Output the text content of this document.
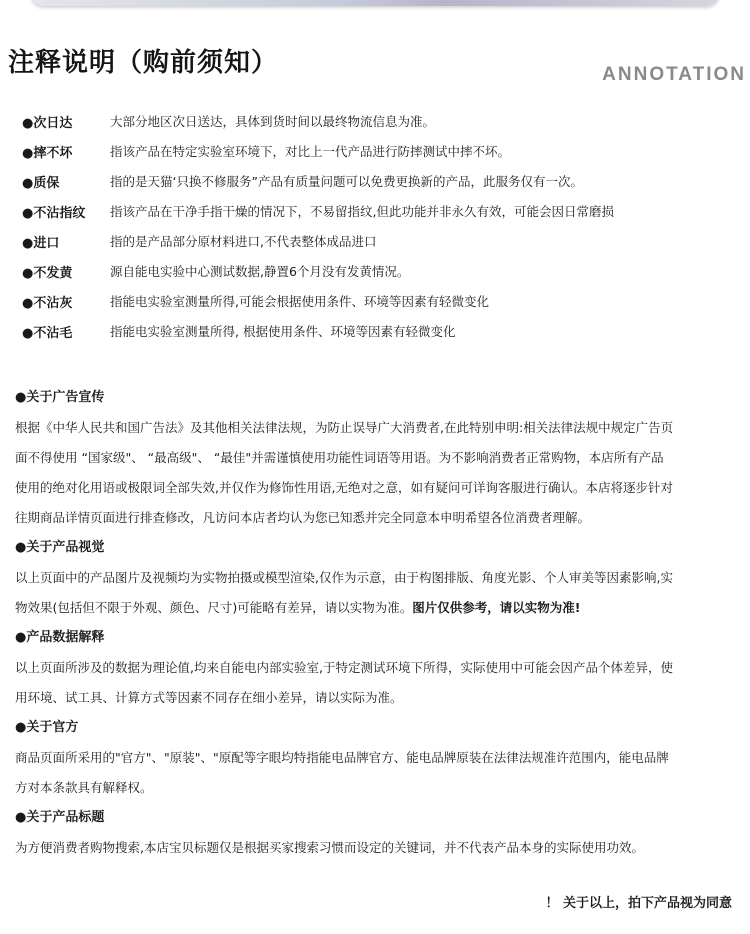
注释说明（购前须知）	ANNOTATION
●次日达	大部分地区次日送达，具体到货时间以最终物流信息为准。
●摔不坏	指该产品在特定实验室环境下，对比上一代产品进行防摔测试中摔不坏。
●质保	指的是天猫‘只换不修服务”产品有质量问题可以免费更换新的产品，此服务仅有一次。
●不沾指纹	指该产品在干净手指干燥的情况下，不易留指纹,但此功能并非永久有效，可能会因日常磨损
●进口	指的是产品部分原材料进口,不代表整体成品进口
●不发黄	源自能电实验中心测试数据,静置6个月没有发黄情况。
●不沾灰	指能电实验室测量所得,可能会根据使用条件、环境等因素有轻微变化
●不沾毛	指能电实验室测量所得, 根据使用条件、环境等因素有轻微变化
●关于广告宣传
根据《中华人民共和国广告法》及其他相关法律法规，为防止误导广大消费者,在此特别申明:相关法律法规中规定广告页
面不得使用 “国家级"、 “最高级"、 “最佳"并需谨慎使用功能性词语等用语。为不影响消费者正常购物，本店所有产品
使用的绝对化用语或极限词全部失效,并仅作为修饰性用语,无绝对之意，如有疑问可详询客服进行确认。本店将逐步针对
往期商品详情页面进行排查修改，凡访问本店者均认为您已知悉并完全同意本申明希望各位消费者理解。
●关于产品视觉
以上页面中的产品图片及视频均为实物拍摄或模型渲染,仅作为示意，由于构图排版、角度光影、个人审美等因素影响,实
物效果(包括但不限于外观、颜色、尺寸)可能略有差异，请以实物为准。图片仅供参考，请以实物为准!
●产品数据解释
以上页面所涉及的数据为理论值,均来自能电内部实验室,于特定测试环境下所得，实际使用中可能会因产品个体差异，使
用环境、试工具、计算方式等因素不同存在细小差异，请以实际为准。
●关于官方
商品页面所采用的"官方"、"原装"、"原配等字眼均特指能电品牌官方、能电品牌原装在法律法规准许范围内，能电品牌
方对本条款具有解释权。
●关于产品标题
为方便消费者购物搜索,本店宝贝标题仅是根据买家搜索习惯而设定的关键词，并不代表产品本身的实际使用功效。
！ 关于以上，拍下产品视为同意
